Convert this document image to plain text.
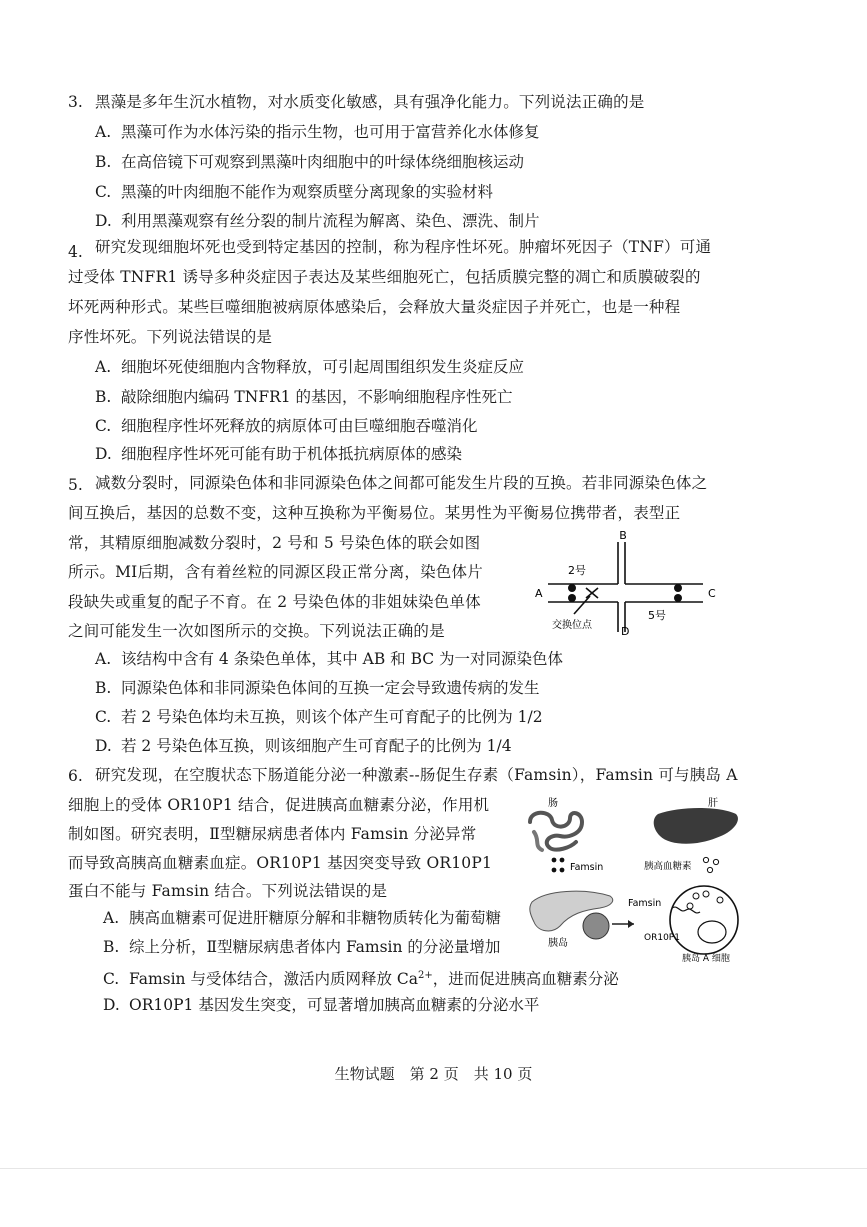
3. 黑藻是多年生沉水植物，对水质变化敏感，具有强净化能力。下列说法正确的是
A. 黑藻可作为水体污染的指示生物，也可用于富营养化水体修复
B. 在高倍镜下可观察到黑藻叶肉细胞中的叶绿体绕细胞核运动
C. 黑藻的叶肉细胞不能作为观察质壁分离现象的实验材料
D. 利用黑藻观察有丝分裂的制片流程为解离、染色、漂洗、制片
4. 研究发现细胞坏死也受到特定基因的控制，称为程序性坏死。肿瘤坏死因子（TNF）可通
过受体 TNFR1 诱导多种炎症因子表达及某些细胞死亡，包括质膜完整的凋亡和质膜破裂的
坏死两种形式。某些巨噬细胞被病原体感染后，会释放大量炎症因子并死亡，也是一种程
序性坏死。下列说法错误的是
A. 细胞坏死使细胞内含物释放，可引起周围组织发生炎症反应
B. 敲除细胞内编码 TNFR1 的基因，不影响细胞程序性死亡
C. 细胞程序性坏死释放的病原体可由巨噬细胞吞噬消化
D. 细胞程序性坏死可能有助于机体抵抗病原体的感染
5. 减数分裂时，同源染色体和非同源染色体之间都可能发生片段的互换。若非同源染色体之
间互换后，基因的总数不变，这种互换称为平衡易位。某男性为平衡易位携带者，表型正
常，其精原细胞减数分裂时，2 号和 5 号染色体的联会如图
所示。MI后期，含有着丝粒的同源区段正常分离，染色体片
段缺失或重复的配子不育。在 2 号染色体的非姐妹染色单体
之间可能发生一次如图所示的交换。下列说法正确的是
B
2号
A	C
5号
交换位点	D
A. 该结构中含有 4 条染色单体，其中 AB 和 BC 为一对同源染色体
B. 同源染色体和非同源染色体间的互换一定会导致遗传病的发生
C. 若 2 号染色体均未互换，则该个体产生可育配子的比例为 1/2
D. 若 2 号染色体互换，则该细胞产生可育配子的比例为 1/4
6. 研究发现，在空腹状态下肠道能分泌一种激素--肠促生存素（Famsin），Famsin 可与胰岛 A
细胞上的受体 OR10P1 结合，促进胰高血糖素分泌，作用机
制如图。研究表明，Ⅱ型糖尿病患者体内 Famsin 分泌异常
而导致高胰高血糖素血症。OR10P1 基因突变导致 OR10P1
蛋白不能与 Famsin 结合。下列说法错误的是
肠	肝
Famsin	胰高血糖素
胰岛
Famsin
OR10P1
胰岛 A 细胞
A. 胰高血糖素可促进肝糖原分解和非糖物质转化为葡萄糖
B. 综上分析，Ⅱ型糖尿病患者体内 Famsin 的分泌量增加
C. Famsin 与受体结合，激活内质网释放 $Ca^{2+}$，进而促进胰高血糖素分泌
D. OR10P1 基因发生突变，可显著增加胰高血糖素的分泌水平
生物试题　第 2 页　共 10 页
